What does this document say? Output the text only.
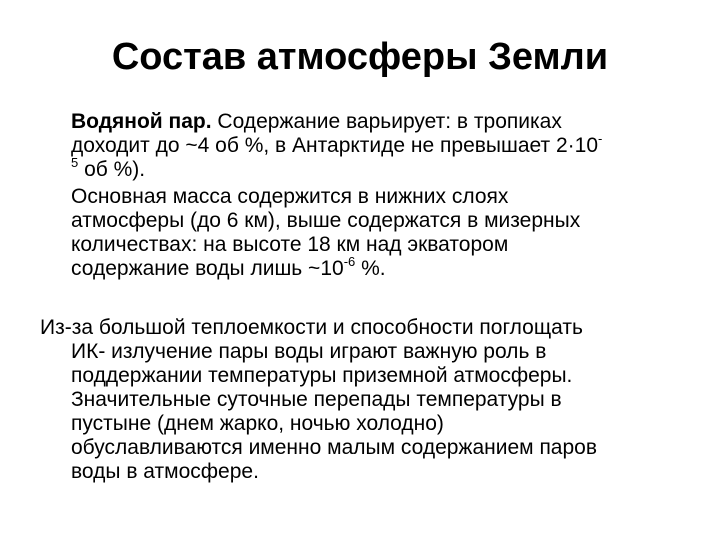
Состав атмосферы Земли
Водяной пар. Содержание варьирует: в тропиках
доходит до ~4 об %, в Антарктиде не превышает 2·10-
$^5$ об %).
Основная масса содержится в нижних слоях
атмосферы (до 6 км), выше содержатся в мизерных
количествах: на высоте 18 км над экватором
содержание воды лишь $\sim 10^{-6}$ %.
Из-за большой теплоемкости и способности поглощать
ИК- излучение пары воды играют важную роль в
поддержании температуры приземной атмосферы.
Значительные суточные перепады температуры в
пустыне (днем жарко, ночью холодно)
обуславливаются именно малым содержанием паров
воды в атмосфере.
